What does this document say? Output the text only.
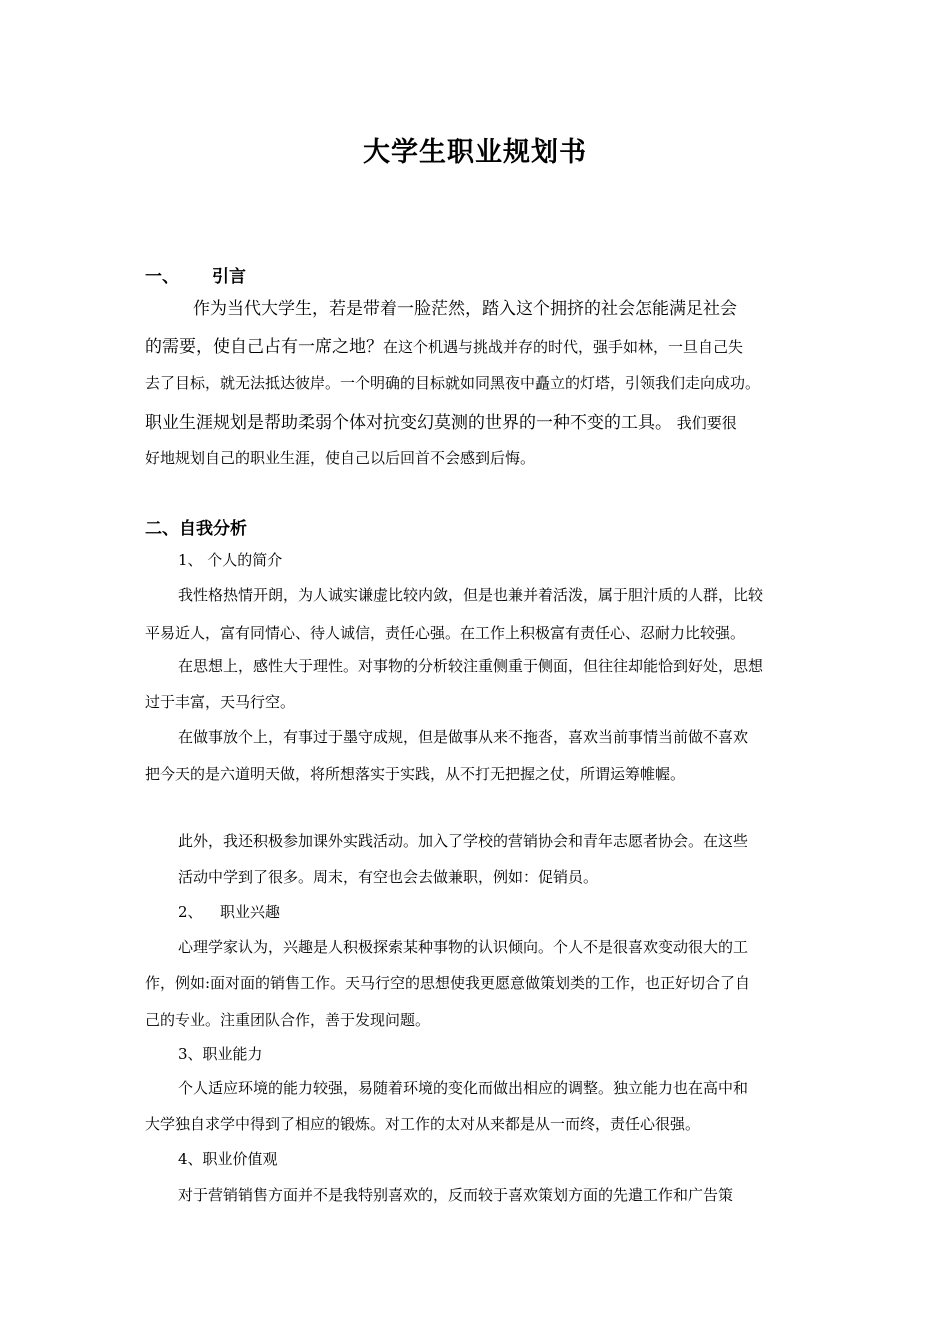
大学生职业规划书
一、 引言
作为当代大学生，若是带着一脸茫然，踏入这个拥挤的社会怎能满足社会
的需要，使自己占有一席之地？在这个机遇与挑战并存的时代，强手如林，一旦自己失
去了目标，就无法抵达彼岸。一个明确的目标就如同黑夜中矗立的灯塔，引领我们走向成功。
职业生涯规划是帮助柔弱个体对抗变幻莫测的世界的一种不变的工具。 我们要很
好地规划自己的职业生涯，使自己以后回首不会感到后悔。
二、自我分析
1、 个人的简介
我性格热情开朗，为人诚实谦虚比较内敛，但是也兼并着活泼，属于胆汁质的人群，比较
平易近人，富有同情心、待人诚信，责任心强。在工作上积极富有责任心、忍耐力比较强。
在思想上，感性大于理性。对事物的分析较注重侧重于侧面，但往往却能恰到好处，思想
过于丰富，天马行空。
在做事放个上，有事过于墨守成规，但是做事从来不拖沓，喜欢当前事情当前做不喜欢
把今天的是六道明天做，将所想落实于实践，从不打无把握之仗，所谓运筹帷幄。
此外，我还积极参加课外实践活动。加入了学校的营销协会和青年志愿者协会。在这些
活动中学到了很多。周末，有空也会去做兼职，例如：促销员。
2、 职业兴趣
心理学家认为，兴趣是人积极探索某种事物的认识倾向。个人不是很喜欢变动很大的工
作，例如:面对面的销售工作。天马行空的思想使我更愿意做策划类的工作，也正好切合了自
己的专业。注重团队合作，善于发现问题。
3、职业能力
个人适应环境的能力较强，易随着环境的变化而做出相应的调整。独立能力也在高中和
大学独自求学中得到了相应的锻炼。对工作的太对从来都是从一而终，责任心很强。
4、职业价值观
对于营销销售方面并不是我特别喜欢的，反而较于喜欢策划方面的先遣工作和广告策
